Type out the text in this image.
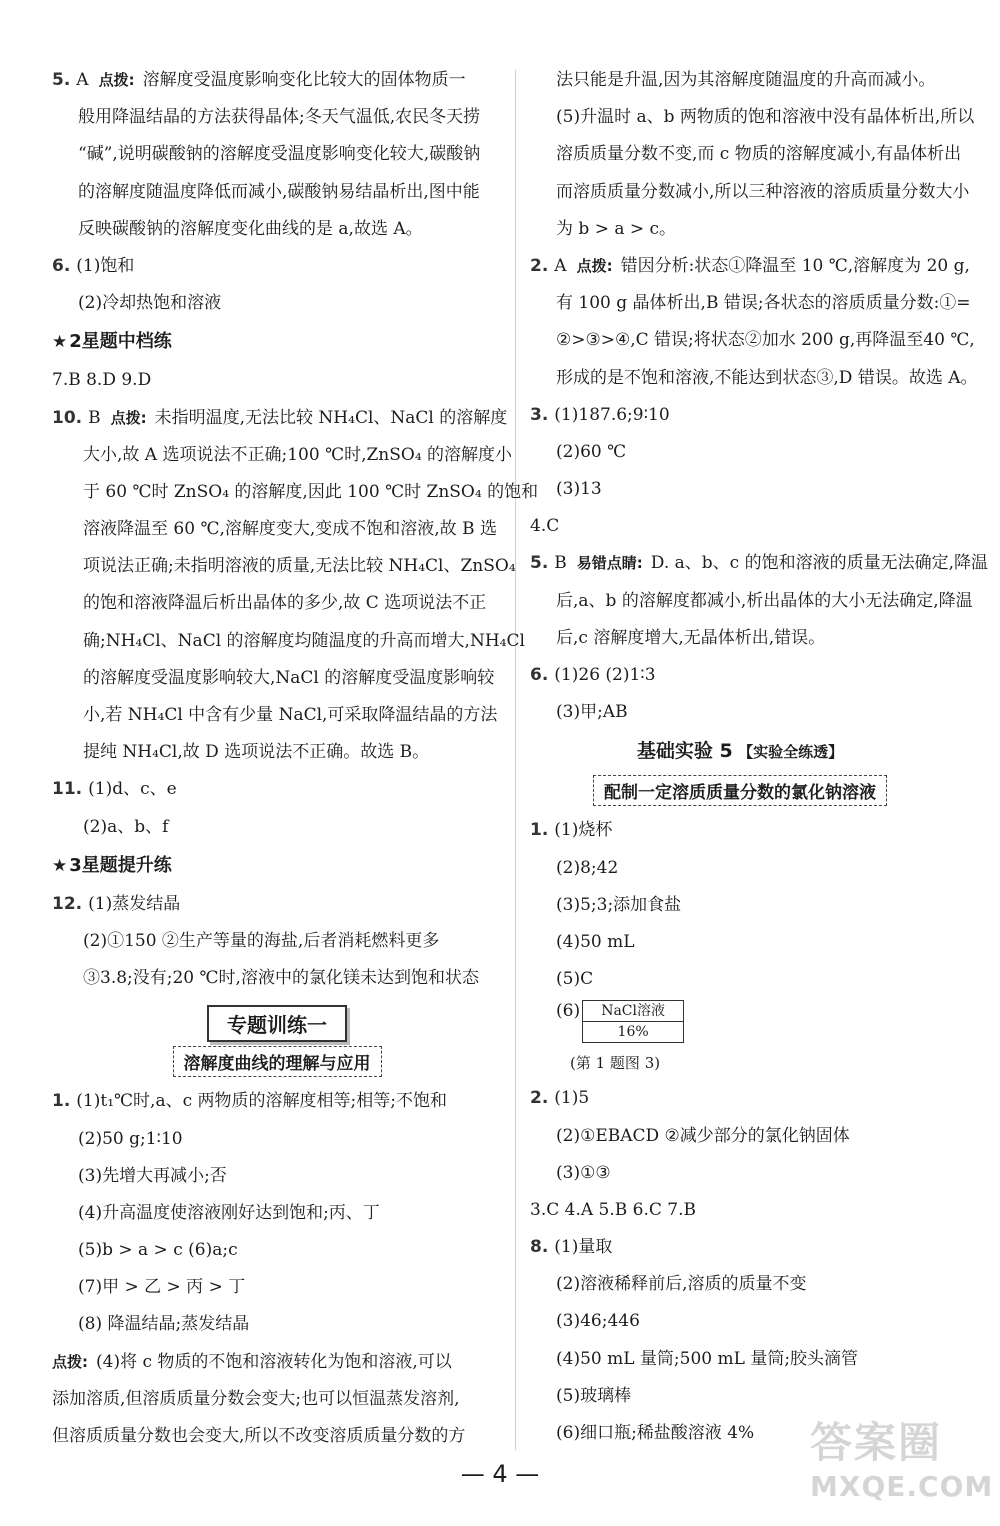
5. A 点拨: 溶解度受温度影响变化比较大的固体物质一
般用降温结晶的方法获得晶体;冬天气温低,农民冬天捞
“碱”,说明碳酸钠的溶解度受温度影响变化较大,碳酸钠
的溶解度随温度降低而减小,碳酸钠易结晶析出,图中能
反映碳酸钠的溶解度变化曲线的是 a,故选 A。
6. (1)饱和
(2)冷却热饱和溶液
★ 2星题中档练
7.B 8.D 9.D
10. B 点拨: 未指明温度,无法比较 NH₄Cl、NaCl 的溶解度
大小,故 A 选项说法不正确;100 ℃时,ZnSO₄ 的溶解度小
于 60 ℃时 ZnSO₄ 的溶解度,因此 100 ℃时 ZnSO₄ 的饱和
溶液降温至 60 ℃,溶解度变大,变成不饱和溶液,故 B 选
项说法正确;未指明溶液的质量,无法比较 NH₄Cl、ZnSO₄
的饱和溶液降温后析出晶体的多少,故 C 选项说法不正
确;NH₄Cl、NaCl 的溶解度均随温度的升高而增大,NH₄Cl
的溶解度受温度影响较大,NaCl 的溶解度受温度影响较
小,若 NH₄Cl 中含有少量 NaCl,可采取降温结晶的方法
提纯 NH₄Cl,故 D 选项说法不正确。故选 B。
11. (1)d、c、e
(2)a、b、f
★ 3星题提升练
12. (1)蒸发结晶
(2)①150 ②生产等量的海盐,后者消耗燃料更多
③3.8;没有;20 ℃时,溶液中的氯化镁未达到饱和状态
专题训练一
溶解度曲线的理解与应用
1. (1)t₁℃时,a、c 两物质的溶解度相等;相等;不饱和
(2)50 g;1∶10
(3)先增大再减小;否
(4)升高温度使溶液刚好达到饱和;丙、丁
(5)b > a > c (6)a;c
(7)甲 > 乙 > 丙 > 丁
(8) 降温结晶;蒸发结晶
点拨: (4)将 c 物质的不饱和溶液转化为饱和溶液,可以
添加溶质,但溶质质量分数会变大;也可以恒温蒸发溶剂,
但溶质质量分数也会变大,所以不改变溶质质量分数的方
法只能是升温,因为其溶解度随温度的升高而减小。
(5)升温时 a、b 两物质的饱和溶液中没有晶体析出,所以
溶质质量分数不变,而 c 物质的溶解度减小,有晶体析出
而溶质质量分数减小,所以三种溶液的溶质质量分数大小
为 b > a > c。
2. A 点拨: 错因分析:状态①降温至 10 ℃,溶解度为 20 g,
有 100 g 晶体析出,B 错误;各状态的溶质质量分数:①=
②>③>④,C 错误;将状态②加水 200 g,再降温至40 ℃,
形成的是不饱和溶液,不能达到状态③,D 错误。故选 A。
3. (1)187.6;9∶10
(2)60 ℃
(3)13
4.C
5. B 易错点睛: D. a、b、c 的饱和溶液的质量无法确定,降温
后,a、b 的溶解度都减小,析出晶体的大小无法确定,降温
后,c 溶解度增大,无晶体析出,错误。
6. (1)26 (2)1∶3
(3)甲;AB
基础实验 5 【实验全练透】
配制一定溶质质量分数的氯化钠溶液
1. (1)烧杯
(2)8;42
(3)5;3;添加食盐
(4)50 mL
(5)C
(6)	NaCl溶液
16%
(第 1 题图 3)
2. (1)5
(2)①EBACD ②减少部分的氯化钠固体
(3)①③
3.C 4.A 5.B 6.C 7.B
8. (1)量取
(2)溶液稀释前后,溶质的质量不变
(3)46;446
(4)50 mL 量筒;500 mL 量筒;胶头滴管
(5)玻璃棒
(6)细口瓶;稀盐酸溶液 4%
— 4 —
答案圈
MXQE.COM
